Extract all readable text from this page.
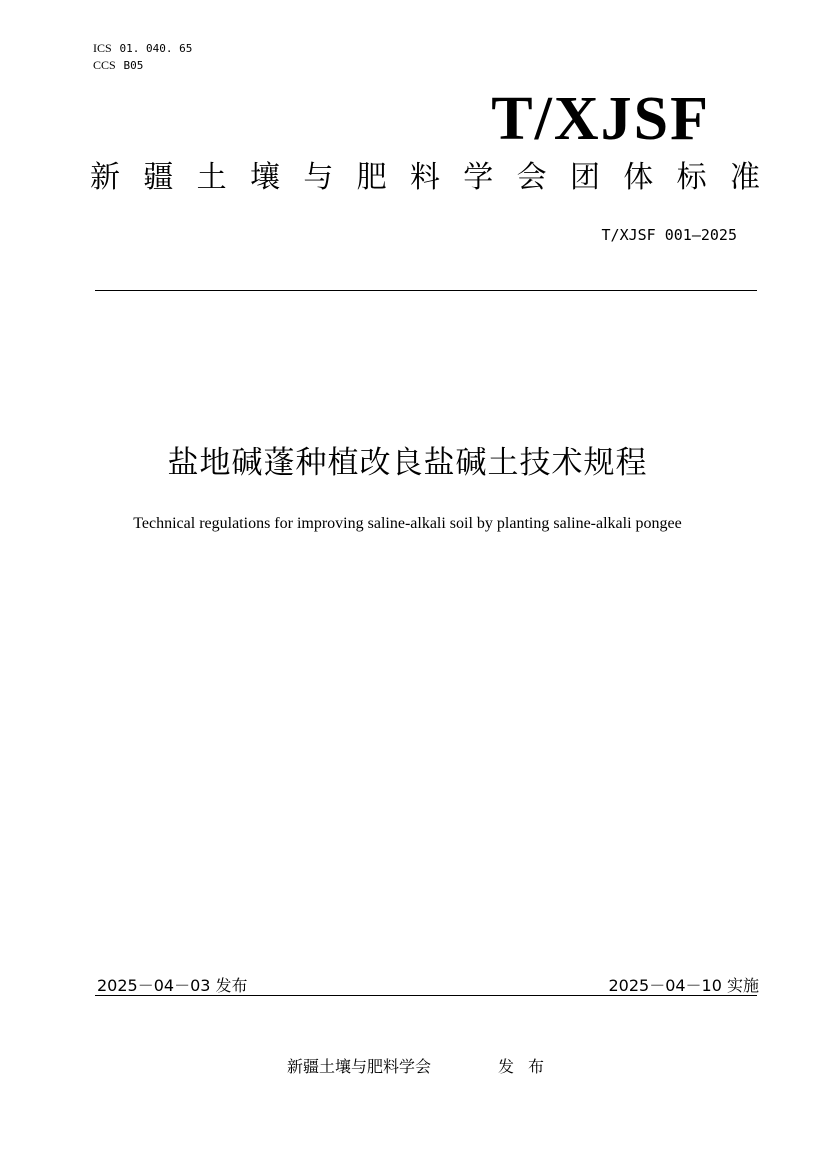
ICS 01. 040. 65
CCS B05
T/XJSF
新 疆 土 壤 与 肥 料 学 会 团 体 标 准
T/XJSF 001—2025
盐地碱蓬种植改良盐碱土技术规程
Technical regulations for improving saline-alkali soil by planting saline-alkali pongee
2025－04－03 发布	2025－04－10 实施
新疆土壤与肥料学会	发布
